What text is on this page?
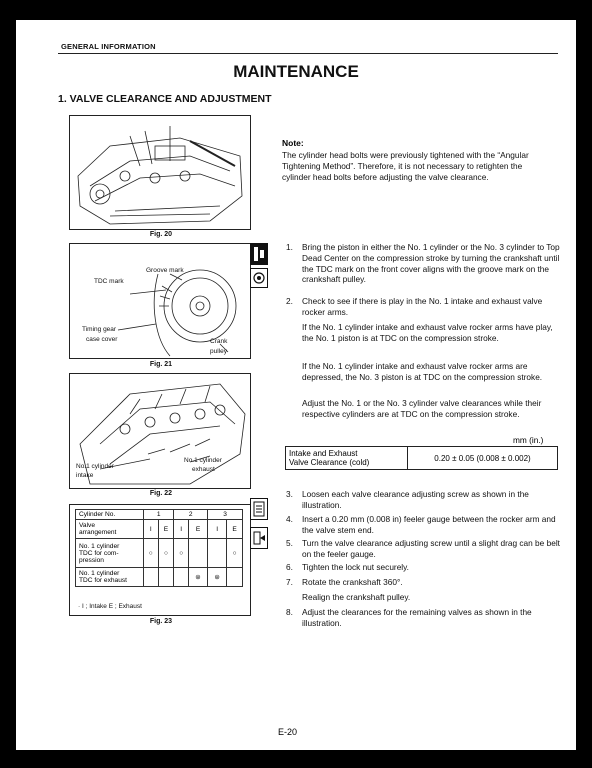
GENERAL INFORMATION
MAINTENANCE
1. VALVE CLEARANCE AND ADJUSTMENT
Fig. 20
TDC mark
Groove mark
Timing gear
case cover	Crank
pulley
Fig. 21
No.1 cylinder
intake
No.1 cylinder
exhaust
Fig. 22
Cylinder No.	1		2		3	

Valve
arrangement	I	E	I	E	I	E

No. 1 cylinder
TDC for com-
pression	○	○	○			○

No. 1 cylinder
TDC for exhaust				⊜	⊜	
· I ; Intake E ; Exhaust
Fig. 23
Note:
The cylinder head bolts were previously tightened with the “Angular Tightening Method”. Therefore, it is not necessary to retighten the cylinder head bolts before adjusting the valve clearance.
1. Bring the piston in either the No. 1 cylinder or the No. 3 cylinder to Top Dead Center on the compression stroke by turning the crankshaft until the TDC mark on the front cover aligns with the groove mark on the crankshaft pulley.
2. Check to see if there is play in the No. 1 intake and exhaust valve rocker arms.
If the No. 1 cylinder intake and exhaust valve rocker arms have play, the No. 1 piston is at TDC on the compression stroke.
If the No. 1 cylinder intake and exhaust valve rocker arms are depressed, the No. 3 piston is at TDC on the compression stroke.
Adjust the No. 1 or the No. 3 cylinder valve clearances while their respective cylinders are at TDC on the compression stroke.
mm (in.)
Intake and Exhaust
Valve Clearance (cold)	0.20 ± 0.05 (0.008 ± 0.002)
3. Loosen each valve clearance adjusting screw as shown in the illustration.
4. Insert a 0.20 mm (0.008 in) feeler gauge between the rocker arm and the valve stem end.
5. Turn the valve clearance adjusting screw until a slight drag can be belt on the feeler gauge.
6. Tighten the lock nut securely.
7. Rotate the crankshaft 360°.
Realign the crankshaft pulley.
8. Adjust the clearances for the remaining valves as shown in the illustration.
E-20
